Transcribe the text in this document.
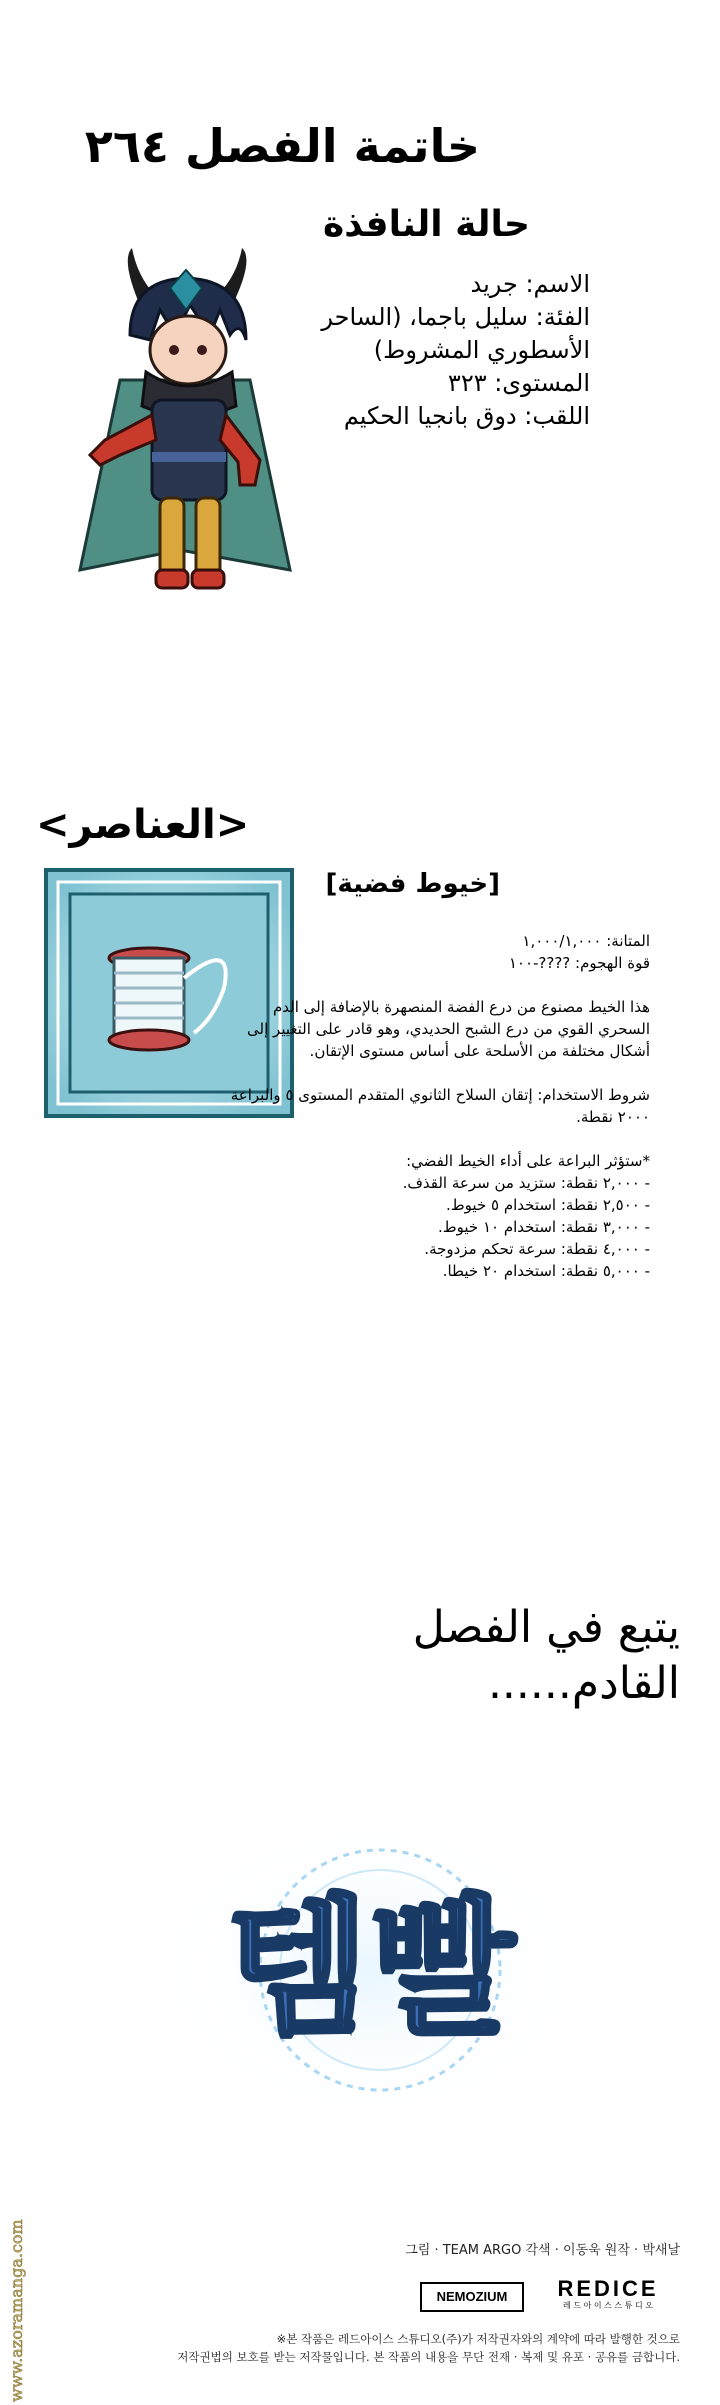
خاتمة الفصل ٢٦٤
حالة النافذة
الاسم: جريد
الفئة: سليل باجما، (الساحر
الأسطوري المشروط)
المستوى: ٣٢٣
اللقب: دوق بانجيا الحكيم
<العناصر>
[خيوط فضية]
المتانة: ١,٠٠٠/١,٠٠٠
قوة الهجوم: ????-١٠٠
هذا الخيط مصنوع من درع الفضة المنصهرة بالإضافة إلى الدم
السحري القوي من درع الشبح الحديدي، وهو قادر على التغيير إلى
أشكال مختلفة من الأسلحة على أساس مستوى الإتقان.
شروط الاستخدام: إتقان السلاح الثانوي المتقدم المستوى ٥ والبراعة
٢٠٠٠ نقطة.
*ستؤثر البراعة على أداء الخيط الفضي:
- ٢,٠٠٠ نقطة: ستزيد من سرعة القذف.
- ٢,٥٠٠ نقطة: استخدام ٥ خيوط.
- ٣,٠٠٠ نقطة: استخدام ١٠ خيوط.
- ٤,٠٠٠ نقطة: سرعة تحكم مزدوجة.
- ٥,٠٠٠ نقطة: استخدام ٢٠ خيطا.
يتبع في الفصل
القادم......
템빨
그림 · TEAM ARGO 각색 · 이동욱 원작 · 박새날
NEMOZIUM	REDICE
레 드 아 이 스 스 튜 디 오
※본 작품은 레드아이스 스튜디오(주)가 저작권자와의 계약에 따라 발행한 것으로
저작권법의 보호를 받는 저작물입니다. 본 작품의 내용을 무단 전재 · 복제 및 유포 · 공유를 금합니다.
www.azoramanga.com
